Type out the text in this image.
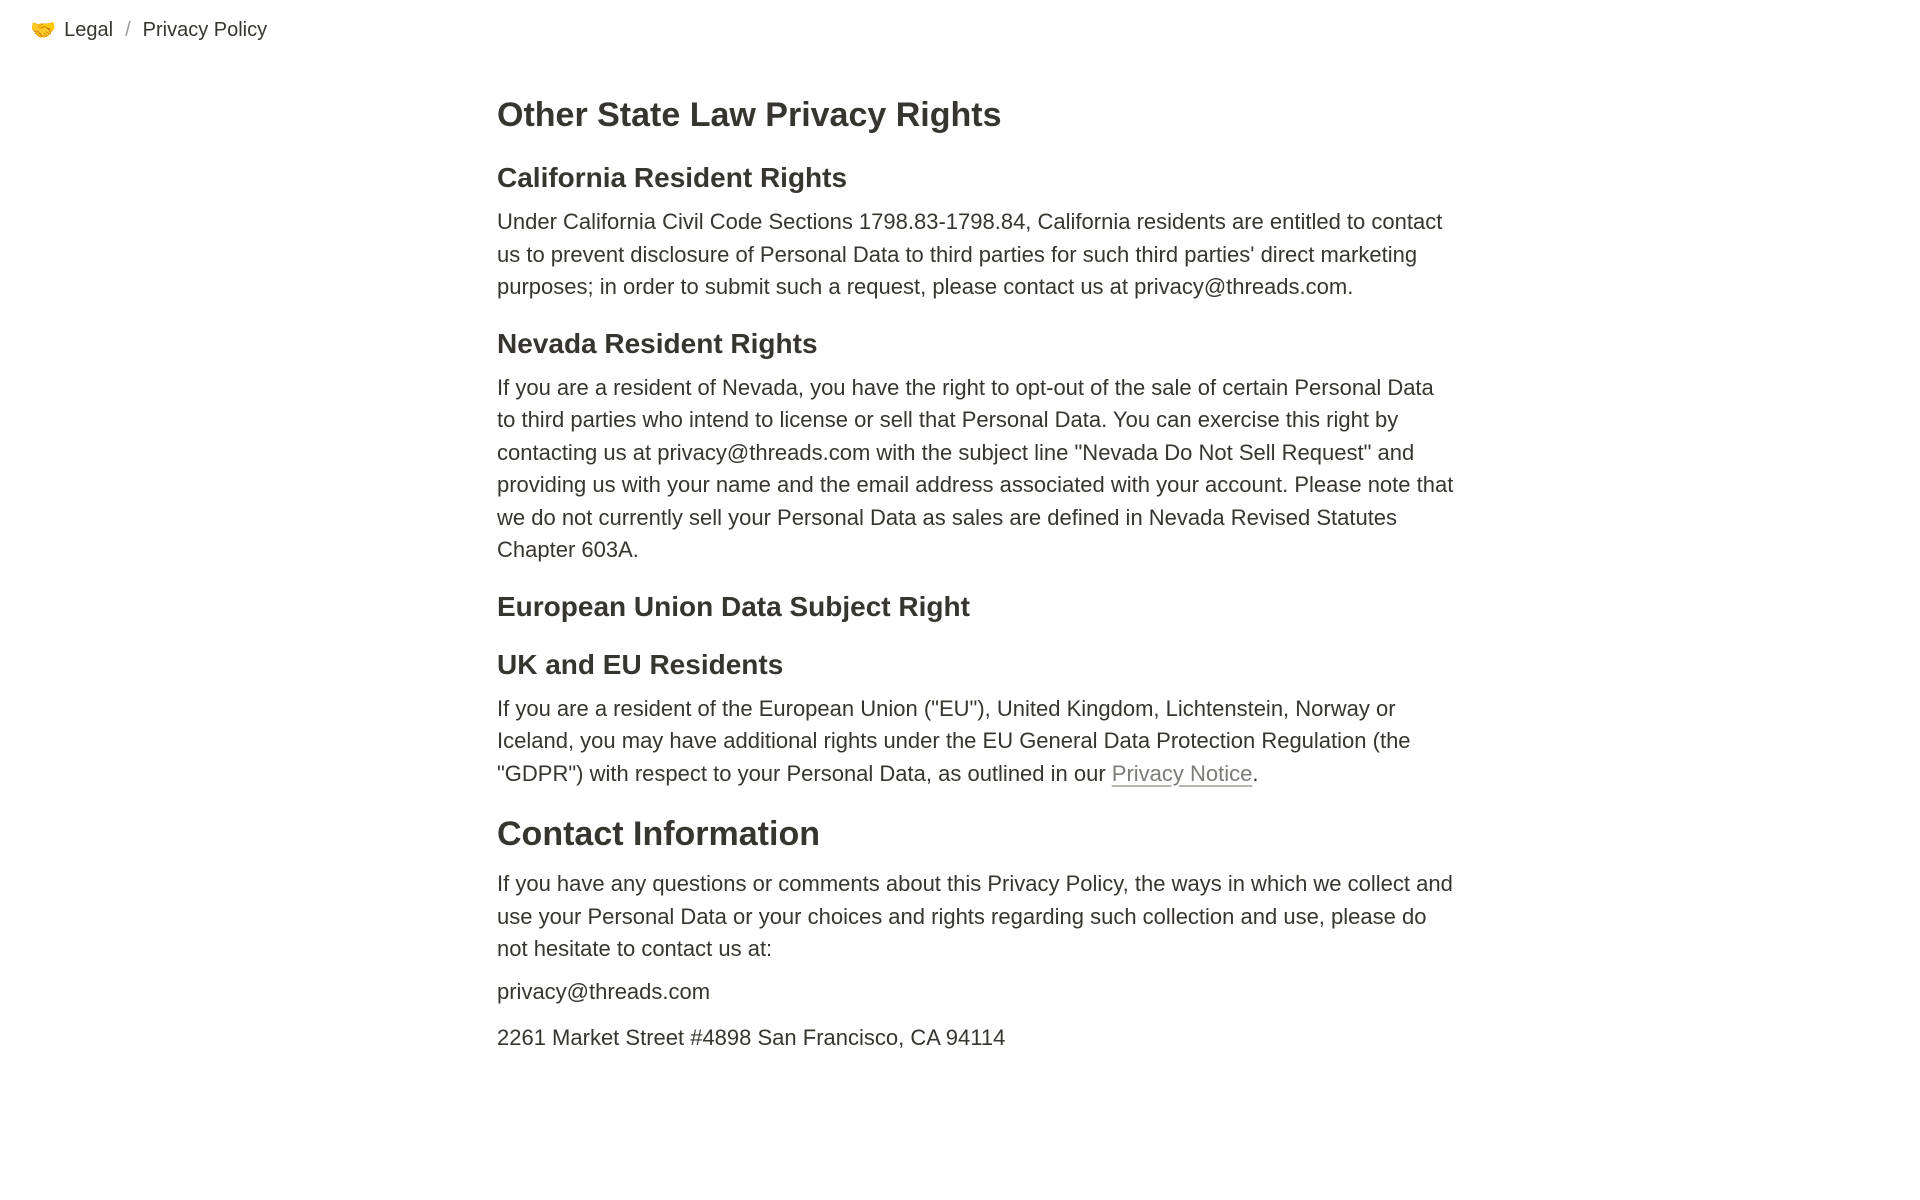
🤝 Legal / Privacy Policy
Other State Law Privacy Rights
California Resident Rights

Under California Civil Code Sections 1798.83-1798.84, California residents are entitled to contact us to prevent disclosure of Personal Data to third parties for such third parties' direct marketing purposes; in order to submit such a request, please contact us at privacy@threads.com.

Nevada Resident Rights

If you are a resident of Nevada, you have the right to opt-out of the sale of certain Personal Data to third parties who intend to license or sell that Personal Data. You can exercise this right by contacting us at privacy@threads.com with the subject line "Nevada Do Not Sell Request" and providing us with your name and the email address associated with your account. Please note that we do not currently sell your Personal Data as sales are defined in Nevada Revised Statutes Chapter 603A.

European Union Data Subject Right
UK and EU Residents

If you are a resident of the European Union ("EU"), United Kingdom, Lichtenstein, Norway or Iceland, you may have additional rights under the EU General Data Protection Regulation (the "GDPR") with respect to your Personal Data, as outlined in our Privacy Notice.

Contact Information

If you have any questions or comments about this Privacy Policy, the ways in which we collect and use your Personal Data or your choices and rights regarding such collection and use, please do not hesitate to contact us at:

privacy@threads.com

2261 Market Street #4898 San Francisco, CA 94114
